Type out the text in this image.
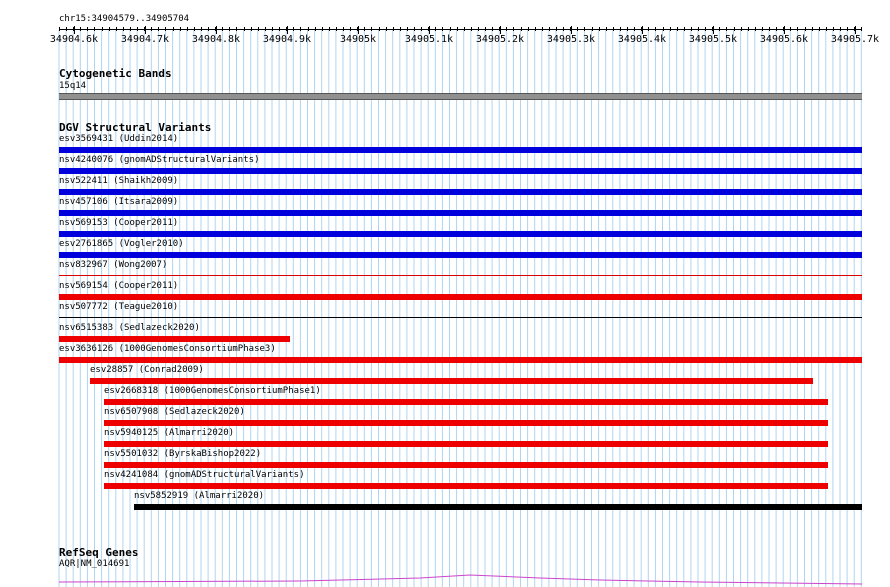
chr15:34904579..34905704
34904.6k 34904.7k 34904.8k 34904.9k	34905k	34905.1k 34905.2k 34905.3k 34905.4k 34905.5k 34905.6k 34905.7k
Cytogenetic Bands
15q14
DGV Structural Variants
esv3569431 (Uddin2014)
nsv4240076 (gnomADStructuralVariants)
nsv522411 (Shaikh2009)
nsv457106 (Itsara2009)
nsv569153 (Cooper2011)
esv2761865 (Vogler2010)
nsv832967 (Wong2007)
nsv569154 (Cooper2011)
nsv507772 (Teague2010)
nsv6515383 (Sedlazeck2020)
esv3636126 (1000GenomesConsortiumPhase3)
esv28857 (Conrad2009)
esv2668318 (1000GenomesConsortiumPhase1)
nsv6507908 (Sedlazeck2020)
nsv5940125 (Almarri2020)
nsv5501032 (ByrskaBishop2022)
nsv4241084 (gnomADStructuralVariants)
nsv5852919 (Almarri2020)
RefSeq Genes
AQR|NM_014691
